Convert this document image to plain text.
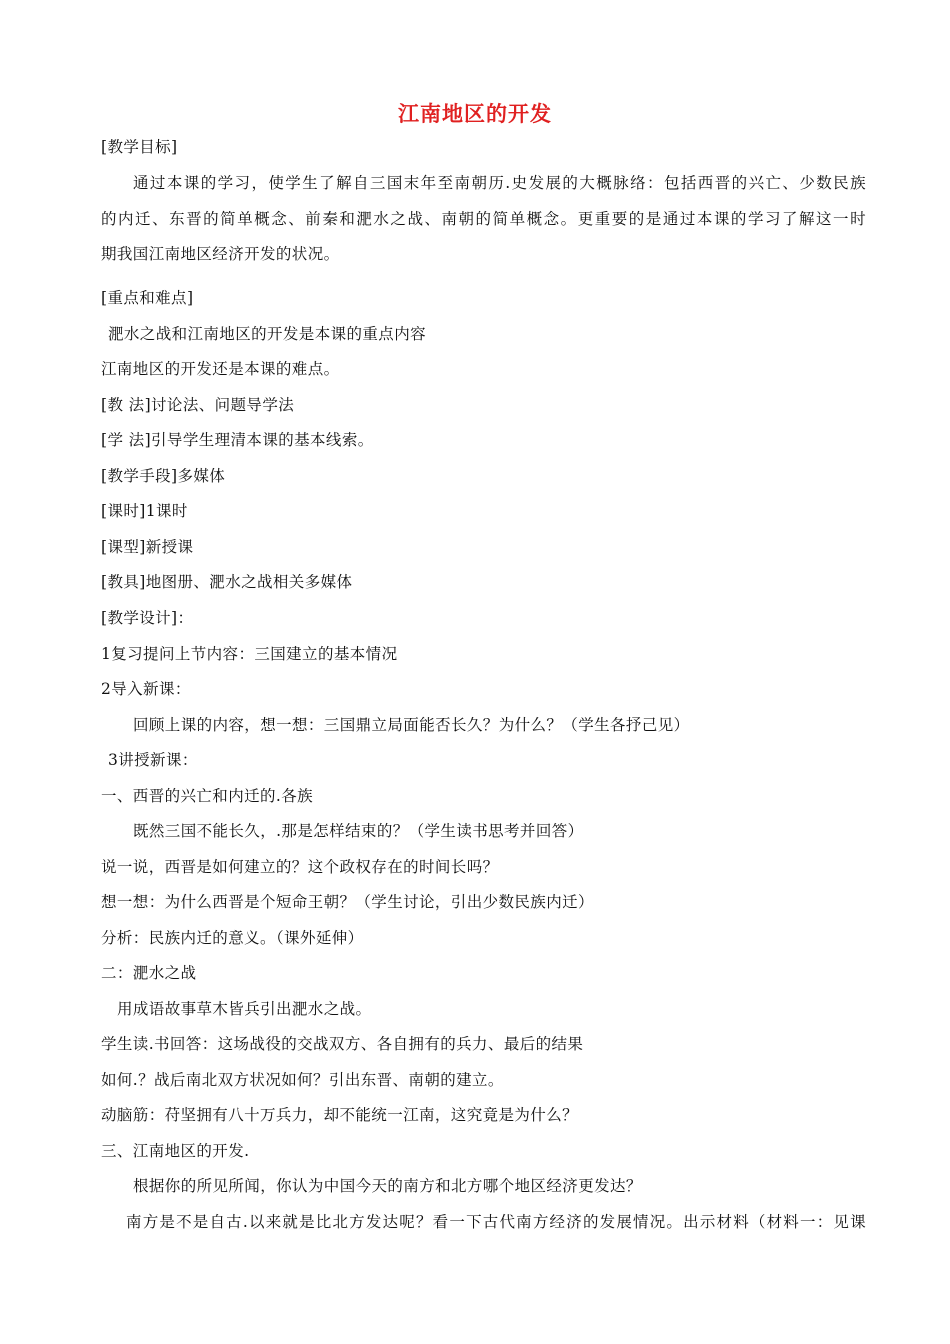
江南地区的开发
[教学目标]
通过本课的学习，使学生了解自三国末年至南朝历.史发展的大概脉络：包括西晋的兴亡、少数民族
的内迁、东晋的简单概念、前秦和淝水之战、南朝的简单概念。更重要的是通过本课的学习了解这一时
期我国江南地区经济开发的状况。
[重点和难点]
淝水之战和江南地区的开发是本课的重点内容
江南地区的开发还是本课的难点。
[教 法]讨论法、问题导学法
[学 法]引导学生理清本课的基本线索。
[教学手段]多媒体
[课时]1课时
[课型]新授课
[教具]地图册、淝水之战相关多媒体
[教学设计]：
1复习提问上节内容：三国建立的基本情况
2导入新课：
回顾上课的内容，想一想：三国鼎立局面能否长久？为什么？（学生各抒己见）
3讲授新课：
一、西晋的兴亡和内迁的.各族
既然三国不能长久，.那是怎样结束的？（学生读书思考并回答）
说一说，西晋是如何建立的？这个政权存在的时间长吗？
想一想：为什么西晋是个短命王朝？（学生讨论，引出少数民族内迁）
分析：民族内迁的意义。（课外延伸）
二：淝水之战
用成语故事草木皆兵引出淝水之战。
学生读.书回答：这场战役的交战双方、各自拥有的兵力、最后的结果
如何.？战后南北双方状况如何？引出东晋、南朝的建立。
动脑筋：苻坚拥有八十万兵力，却不能统一江南，这究竟是为什么？
三、江南地区的开发.
根据你的所见所闻，你认为中国今天的南方和北方哪个地区经济更发达？
南方是不是自古.以来就是比北方发达呢？看一下古代南方经济的发展情况。出示材料（材料一：见课
